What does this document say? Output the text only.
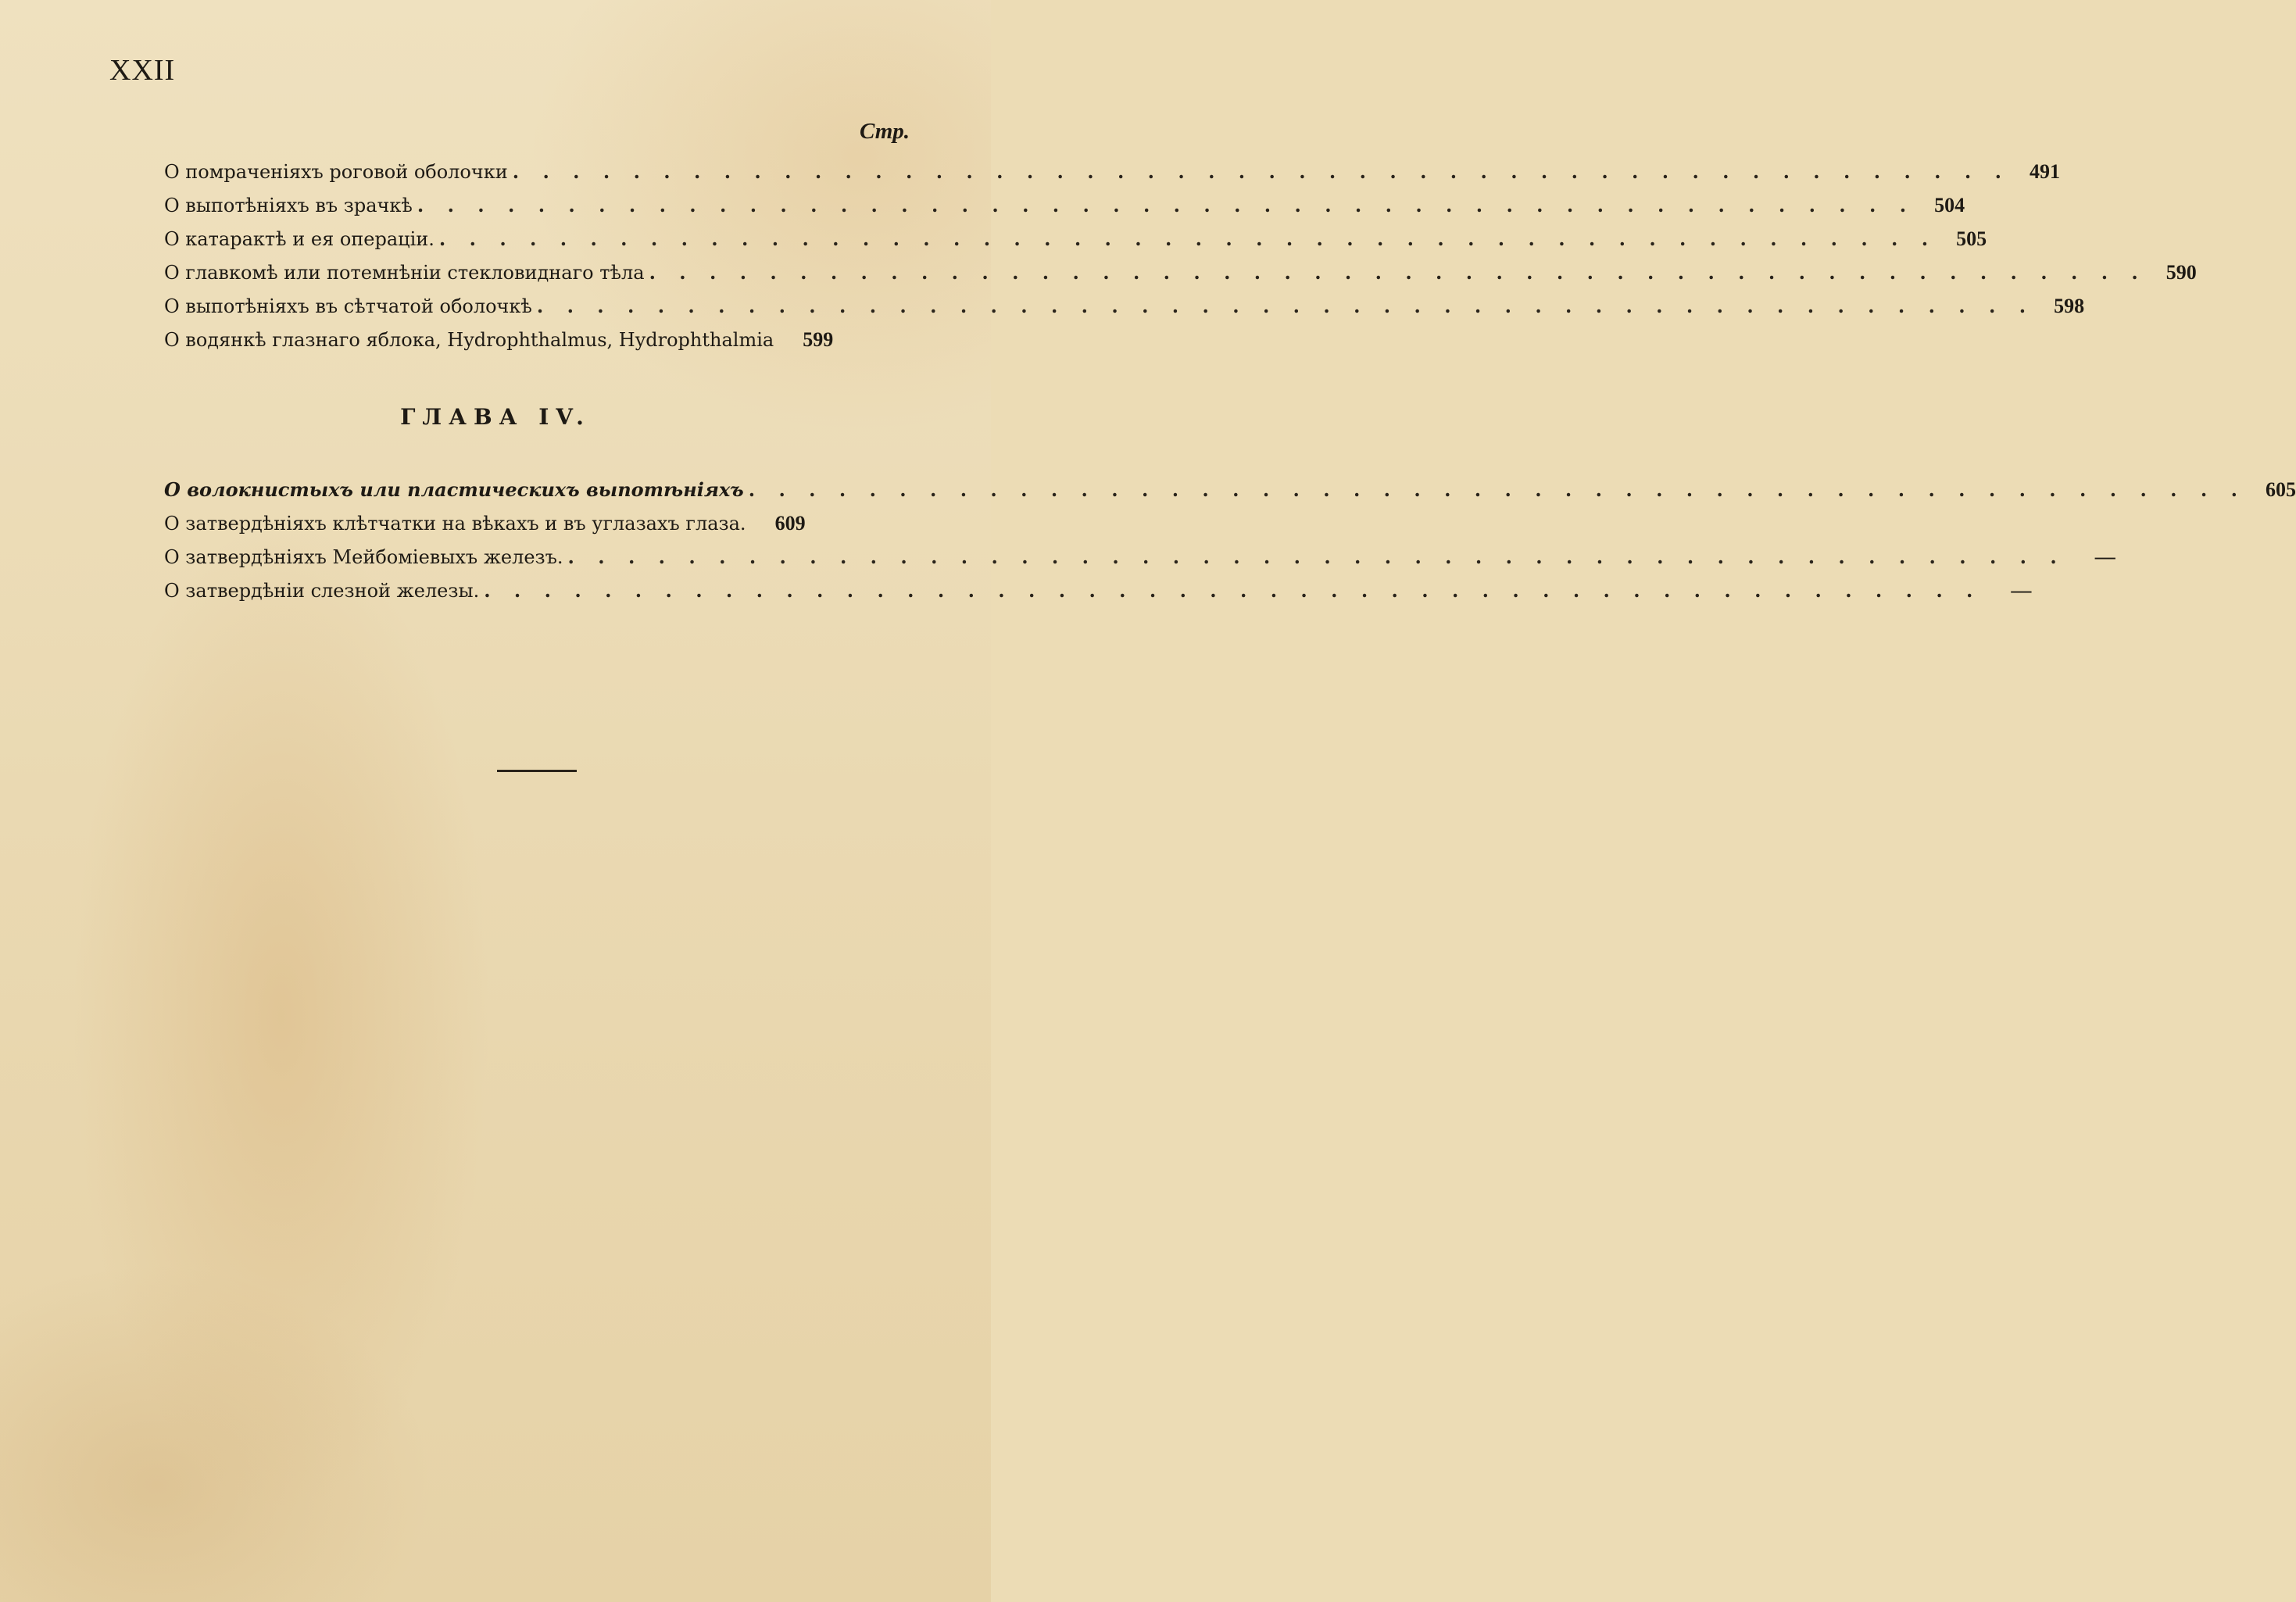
XXII
Стр.
О помраченіяхъ роговой оболочки . . .	491
О выпотѣніяхъ въ зрачкѣ . . .	504
О катарактѣ и ея операціи. . . .	505
О главкомѣ или потемнѣніи стекловиднаго тѣла . . .	590
О выпотѣніяхъ въ сѣтчатой оболочкѣ . . .	598
О водянкѣ глазнаго яблока, Hydrophthalmus, Hydrophthalmia	599
ГЛАВА IV.
О волокнистыхъ или пластическихъ выпотѣніяхъ . . .	605
О затвердѣніяхъ клѣтчатки на вѣкахъ и въ углазахъ глаза.	609
О затвердѣніяхъ Мейбоміевыхъ железъ. . . .	—
О затвердѣніи слезной железы. . . .	—
